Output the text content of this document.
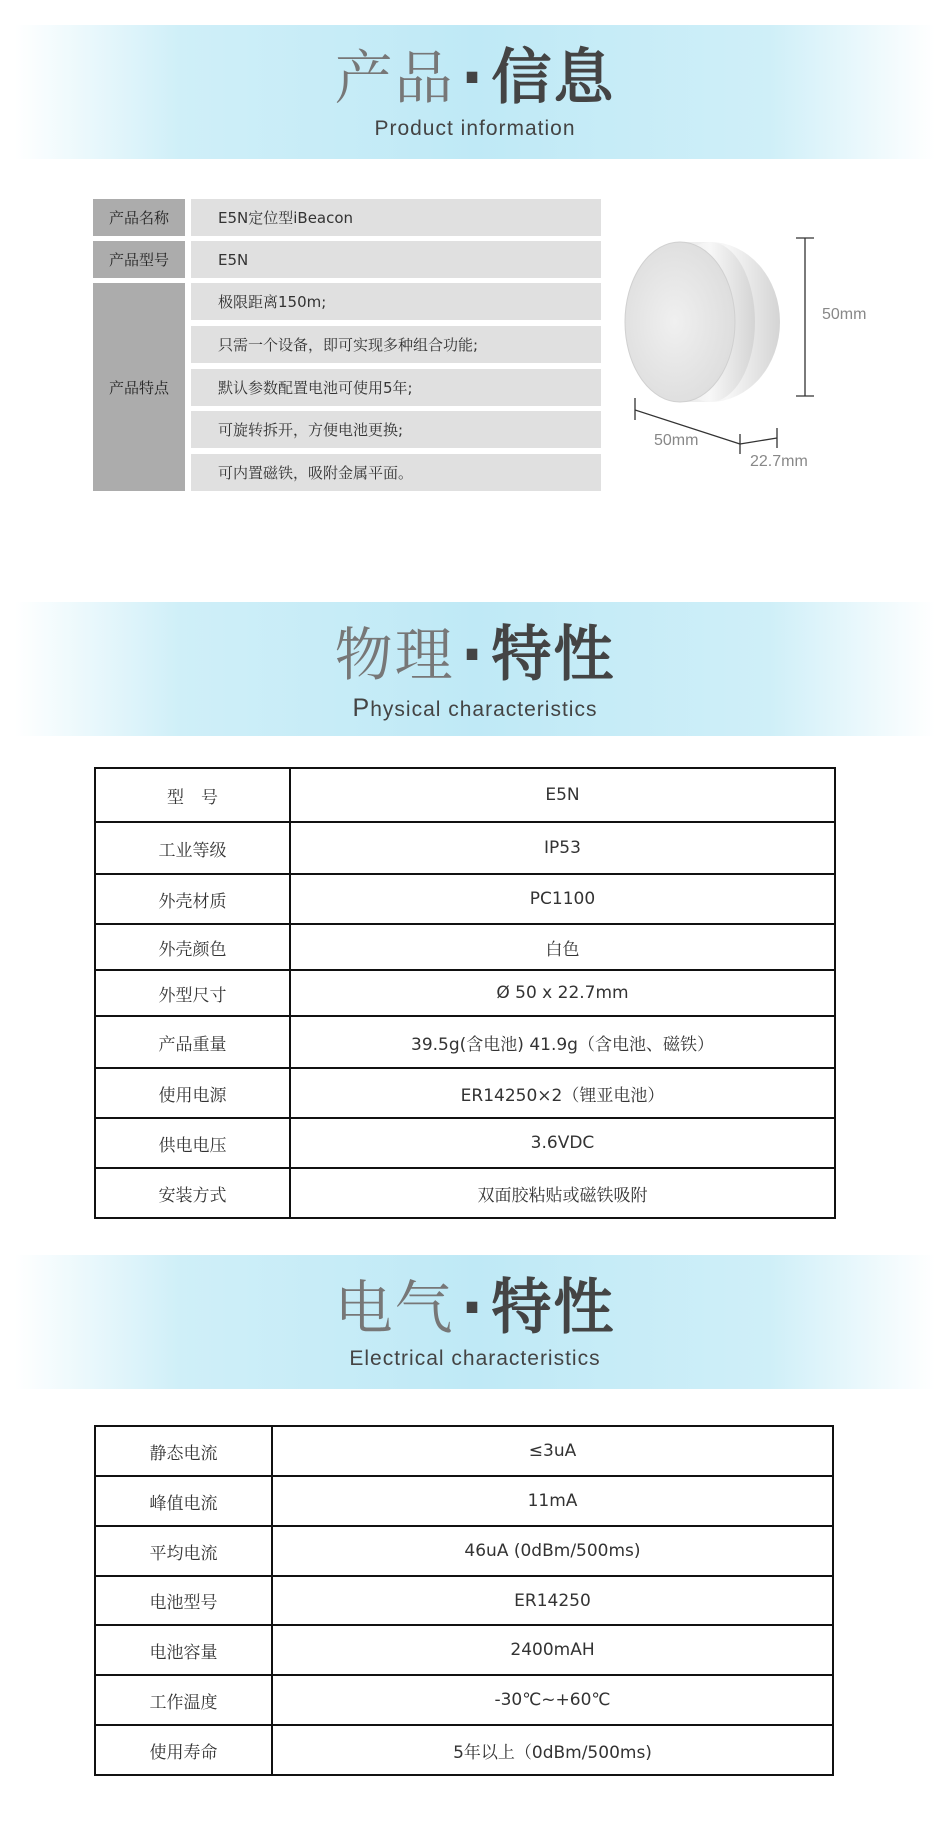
产品 · 信息
Product information
产品名称	E5N定位型iBeacon
产品型号	E5N
产品特点
极限距离150m;
只需一个设备，即可实现多种组合功能;
默认参数配置电池可使用5年;
可旋转拆开，方便电池更换;
可内置磁铁，吸附金属平面。
50mm
50mm
22.7mm
物理 · 特性
Physical characteristics
型　号	E5N
工业等级	IP53
外壳材质	PC1100
外壳颜色	白色
外型尺寸	Ø 50 x 22.7mm
产品重量	39.5g(含电池) 41.9g（含电池、磁铁）
使用电源	ER14250×2（锂亚电池）
供电电压	3.6VDC
安装方式	双面胶粘贴或磁铁吸附
电气 · 特性
Electrical characteristics
静态电流	≤3uA
峰值电流	11mA
平均电流	46uA (0dBm/500ms)
电池型号	ER14250
电池容量	2400mAH
工作温度	-30℃~+60℃
使用寿命	5年以上（0dBm/500ms)
